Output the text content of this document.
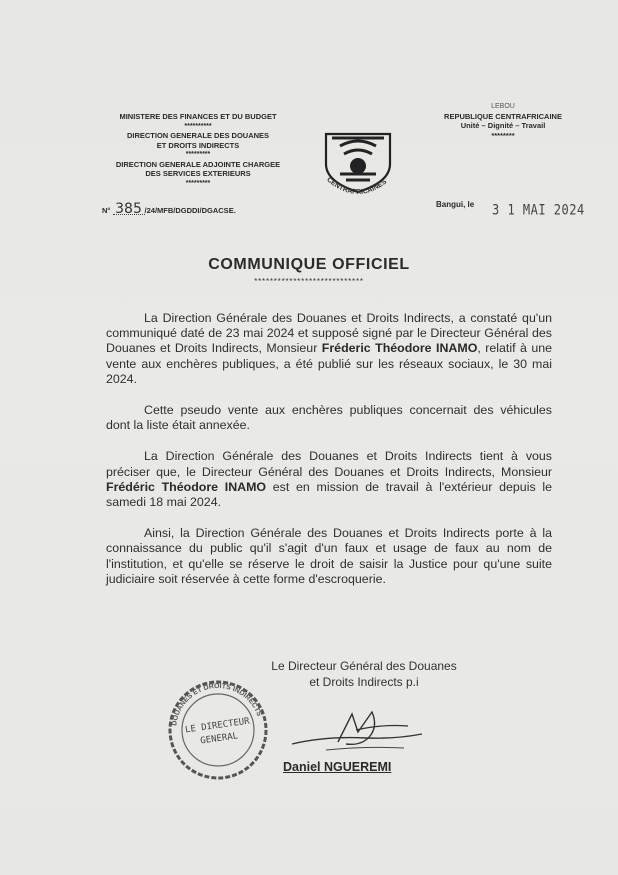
MINISTERE DES FINANCES ET DU BUDGET
**********
DIRECTION GENERALE DES DOUANES
ET DROITS INDIRECTS
*********
DIRECTION GENERALE ADJOINTE CHARGEE
DES SERVICES EXTERIEURS
*********
N° 385 /24/MFB/DGDDI/DGACSE.
CENTRAFRICAINES
LEBOU
REPUBLIQUE CENTRAFRICAINE
Unité – Dignité – Travail
********
Bangui, le 3 1 MAI 2024
COMMUNIQUE OFFICIEL
****************************

La Direction Générale des Douanes et Droits Indirects, a constaté qu'un communiqué daté de 23 mai 2024 et supposé signé par le Directeur Général des Douanes et Droits Indirects, Monsieur Fréderic Théodore INAMO, relatif à une vente aux enchères publiques, a été publié sur les réseaux sociaux, le 30 mai 2024.

Cette pseudo vente aux enchères publiques concernait des véhicules dont la liste était annexée.

La Direction Générale des Douanes et Droits Indirects tient à vous préciser que, le Directeur Général des Douanes et Droits Indirects, Monsieur Frédéric Théodore INAMO est en mission de travail à l'extérieur depuis le samedi 18 mai 2024.

Ainsi, la Direction Générale des Douanes et Droits Indirects porte à la connaissance du public qu'il s'agit d'un faux et usage de faux au nom de l'institution, et qu'elle se réserve le droit de saisir la Justice pour qu'une suite judiciaire soit réservée à cette forme d'escroquerie.

Le Directeur Général des Douanes
et Droits Indirects p.i
DOUANES ET DROITS INDIRECTS
LE DIRECTEUR
GENERAL
Daniel NGUEREMI
